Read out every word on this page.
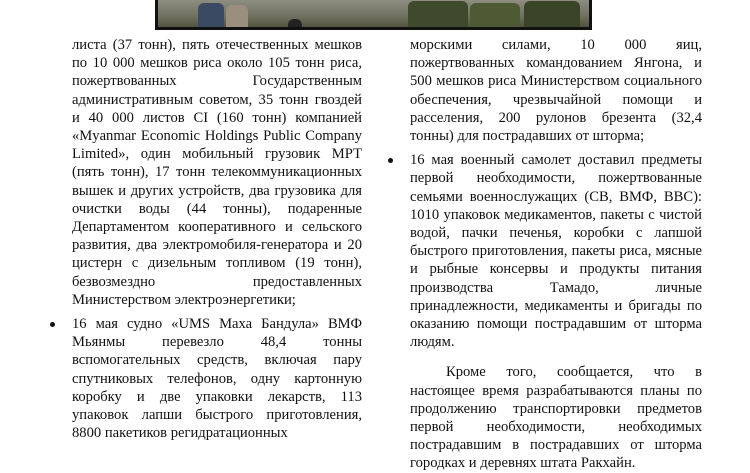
листа (37 тонн), пять отечественных мешков по 10 000 мешков риса около 105 тонн риса, пожертвованных Государственным административным советом, 35 тонн гвоздей и 40 000 листов CI (160 тонн) компанией «Myanmar Economic Holdings Public Company Limited», один мобильный грузовик МРТ (пять тонн), 17 тонн телекоммуникационных вышек и других устройств, два грузовика для очистки воды (44 тонны), подаренные Департаментом кооперативного и сельского развития, два электромобиля-генератора и 20 цистерн с дизельным топливом (19 тонн), безвозмездно предоставленных Министерством электроэнергетики;

16 мая судно «UMS Маха Бандула» ВМФ Мьянмы перевезло 48,4 тонны вспомогательных средств, включая пару спутниковых телефонов, одну картонную коробку и две упаковки лекарств, 113 упаковок лапши быстрого приготовления, 8800 пакетиков регидратационных

морскими силами, 10 000 яиц, пожертвованных командованием Янгона, и 500 мешков риса Министерством социального обеспечения, чрезвычайной помощи и расселения, 200 рулонов брезента (32,4 тонны) для пострадавших от шторма;

16 мая военный самолет доставил предметы первой необходимости, пожертвованные семьями военнослужащих (СВ, ВМФ, ВВС): 1010 упаковок медикаментов, пакеты с чистой водой, пачки печенья, коробки с лапшой быстрого приготовления, пакеты риса, мясные и рыбные консервы и продукты питания производства Тамадо, личные принадлежности, медикаменты и бригады по оказанию помощи пострадавшим от шторма людям.

Кроме того, сообщается, что в настоящее время разрабатываются планы по продолжению транспортировки предметов первой необходимости, необходимых пострадавшим в пострадавших от шторма городках и деревнях штата Ракхайн.
